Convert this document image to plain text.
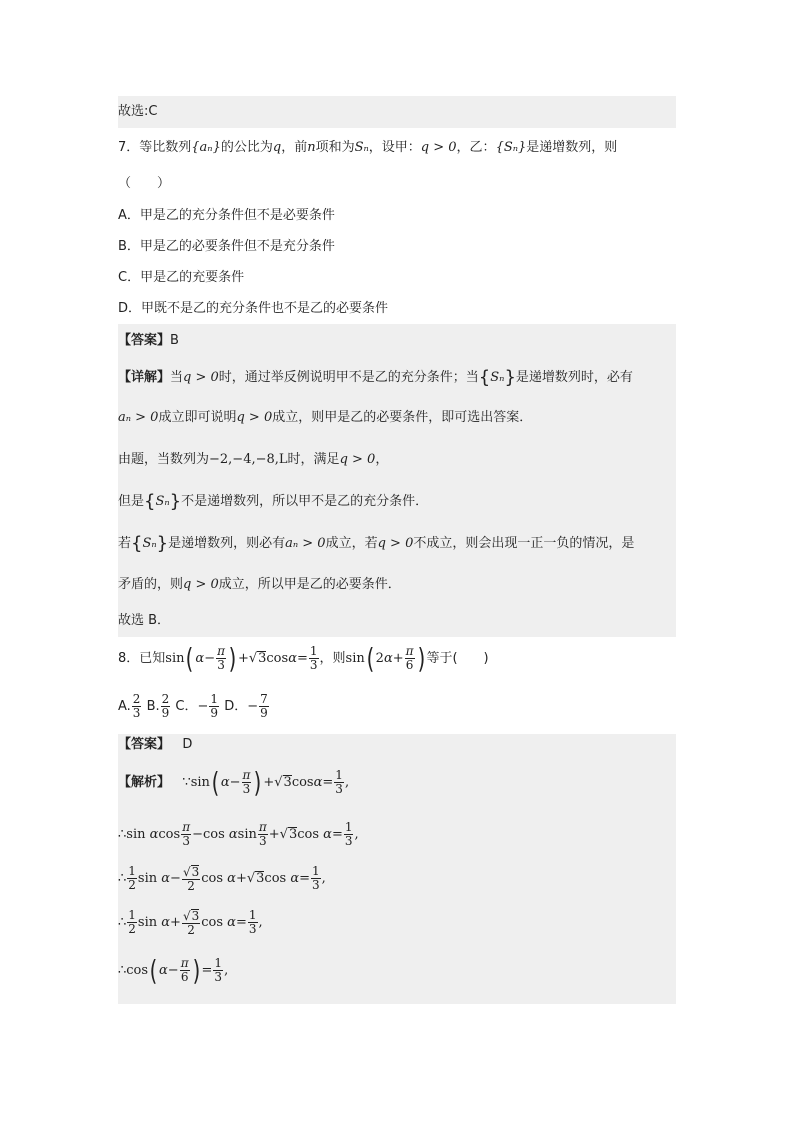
故选:C
7．等比数列{aₙ}的公比为q，前n项和为Sₙ，设甲：q > 0，乙：{Sₙ}是递增数列，则
（　　）
A．甲是乙的充分条件但不是必要条件
B．甲是乙的必要条件但不是充分条件
C．甲是乙的充要条件
D．甲既不是乙的充分条件也不是乙的必要条件
【答案】B
【详解】当q > 0时，通过举反例说明甲不是乙的充分条件；当{Sₙ}是递增数列时，必有
aₙ > 0成立即可说明q > 0成立，则甲是乙的必要条件，即可选出答案．
由题，当数列为−2,−4,−8,L时，满足q > 0，
但是{Sₙ}不是递增数列，所以甲不是乙的充分条件．
若{Sₙ}是递增数列，则必有aₙ > 0成立，若q > 0不成立，则会出现一正一负的情况，是
矛盾的，则q > 0成立，所以甲是乙的必要条件．
故选 B．
8．已知sin( $\alpha- \frac{\pi}{3}$ ) $+√3\cos\alpha= \frac{1}{3}$ ，则sin( $2\alpha+ \frac{\pi}{6}$ ) 等于(　　)
A. $\frac{2}{3} B$. $\frac{2}{9}$ C．− $\frac{1}{9}$ D．− $\frac{7}{9}$
【答案】 D
【解析】 ∵sin( $\alpha- \frac{\pi}{3}$ ) $+√3\cos\alpha= \frac{1}{3}$ ,
∴sin αcos $\frac{\pi}{3} -\cos$ αsin $\frac{\pi}{3} +√3\cos$ $\alpha= \frac{1}{3}$ ,
∴ $\frac{1}{2}$ $\sin \alpha- \frac{√3}{2}$ cos α+√3cos $\alpha= \frac{1}{3}$ ,
∴ $\frac{1}{2}$ $\sin \alpha+ \frac{√3}{2}$ $\cos \alpha= \frac{1}{3}$ ,
∴cos( $\alpha- \frac{\pi}{6}$ ) = $\frac{1}{3}$ ,
